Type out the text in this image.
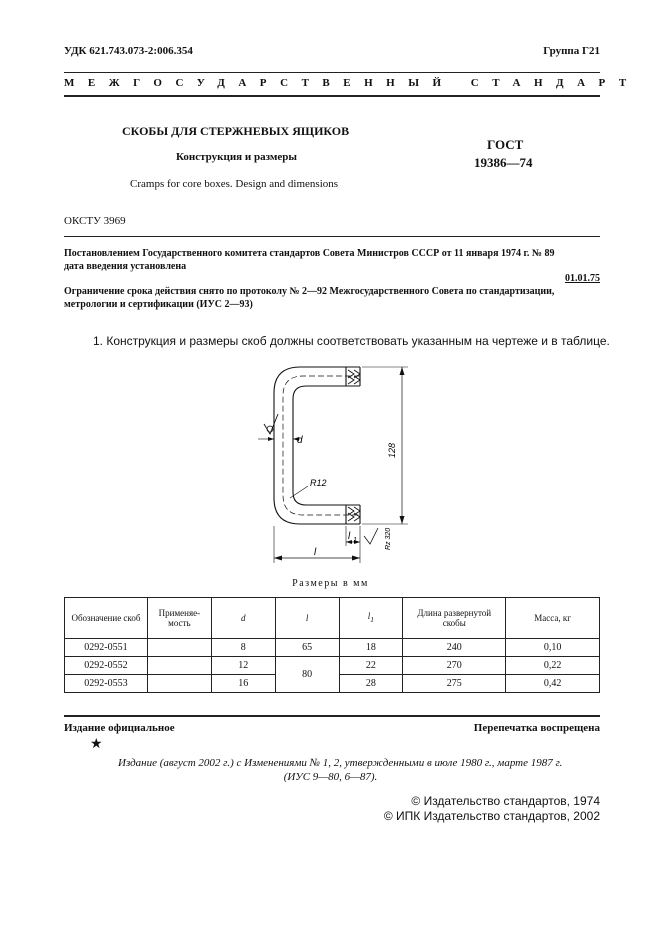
УДК 621.743.073-2:006.354	Группа Г21
МЕЖГОСУДАРСТВЕННЫЙ СТАНДАРТ
СКОБЫ ДЛЯ СТЕРЖНЕВЫХ ЯЩИКОВ
Конструкция и размеры
Cramps for core boxes. Design and dimensions
ГОСТ
19386—74
ОКСТУ 3969
Постановлением Государственного комитета стандартов Совета Министров СССР от 11 января 1974 г. № 89
дата введения установлена
01.01.75
Ограничение срока действия снято по протоколу № 2—92 Межгосударственного Совета по стандартизации,
метрологии и сертификации (ИУС 2—93)
1. Конструкция и размеры скоб должны соответствовать указанным на чертеже и в таблице.
d
128
R12
l 1
l
Rz 320
Размеры в мм
Обозначение скоб	Применяе-мость	d	l	$l_1$	Длина развернутой скобы	Масса, кг
0292-0551		8	65	18	240	0,10
0292-0552		12	80	22	270	0,22
0292-0553		16		28	275	0,42
Издание официальное	Перепечатка воспрещена
★
Издание (август 2002 г.) с Изменениями № 1, 2, утвержденными в июле 1980 г., марте 1987 г.
(ИУС 9—80, 6—87).
© Издательство стандартов, 1974
© ИПК Издательство стандартов, 2002
